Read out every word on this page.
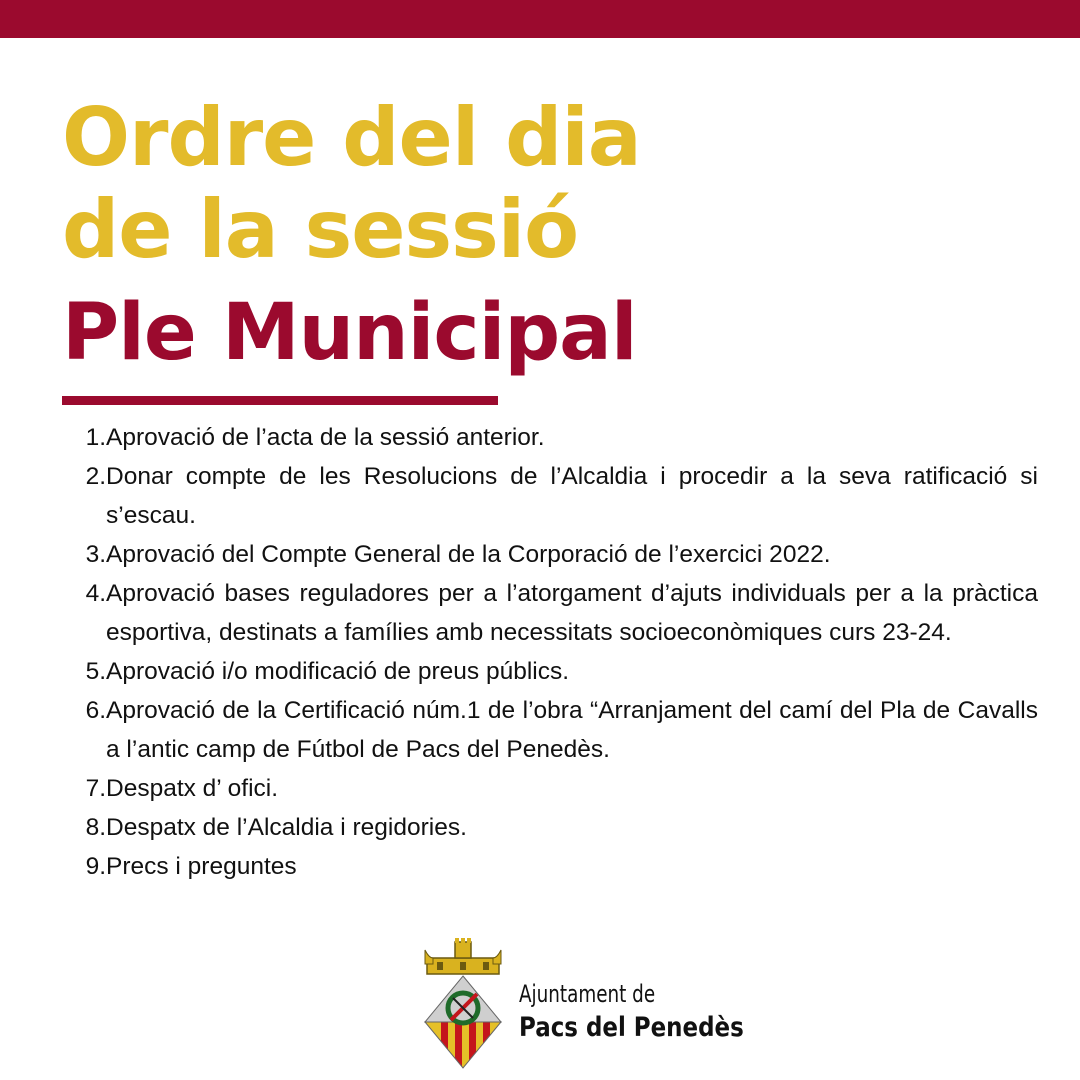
Ordre del dia
de la sessió
Ple Municipal
1. Aprovació de l’acta de la sessió anterior.
2. Donar compte de les Resolucions de l’Alcaldia i procedir a la seva ratificació si s’escau.
3. Aprovació del Compte General de la Corporació de l’exercici 2022.
4. Aprovació bases reguladores per a l’atorgament d’ajuts individuals per a la pràctica esportiva, destinats a famílies amb necessitats socioeconòmiques curs 23-24.
5. Aprovació i/o modificació de preus públics.
6. Aprovació de la Certificació núm.1 de l’obra “Arranjament del camí del Pla de Cavalls a l’antic camp de Fútbol de Pacs del Penedès.
7. Despatx d’ ofici.
8. Despatx de l’Alcaldia i regidories.
9. Precs i preguntes
Ajuntament de
Pacs del Penedès
